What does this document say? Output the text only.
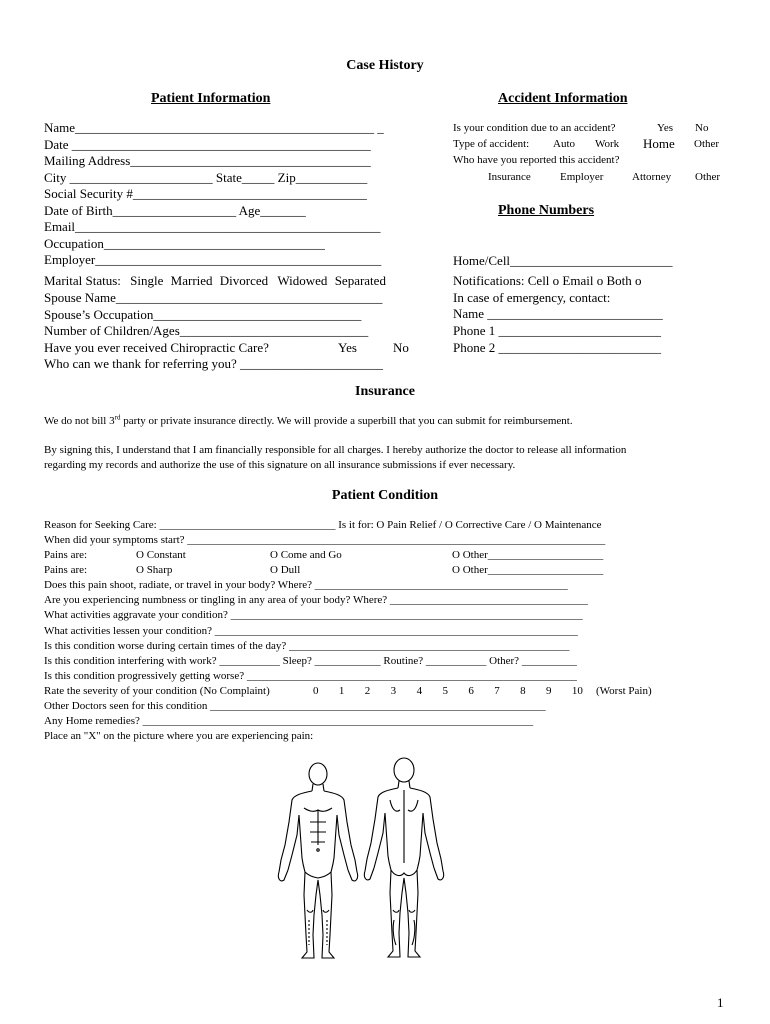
Case History
Patient Information
Name______________________________________________ _
Date ______________________________________________
Mailing Address_____________________________________
City ______________________ State_____ Zip___________
Social Security #____________________________________
Date of Birth___________________ Age_______
Email_______________________________________________
Occupation__________________________________
Employer____________________________________________
Marital Status: Single Married Divorced Widowed Separated
Spouse Name_________________________________________
Spouse’s Occupation________________________________
Number of Children/Ages_____________________________
Have you ever received Chiropractic Care?	Yes	No
Who can we thank for referring you? ______________________
Accident Information
Is your condition due to an accident?	Yes No
Type of accident: Auto Work Home Other
Who have you reported this accident?
Insurance	Employer	Attorney Other
Phone Numbers
Home/Cell_________________________
Notifications: Cell o Email o Both o
In case of emergency, contact:
Name ___________________________
Phone 1 _________________________
Phone 2 _________________________
Insurance
We do not bill 3rd party or private insurance directly. We will provide a superbill that you can submit for reimbursement.
By signing this, I understand that I am financially responsible for all charges. I hereby authorize the doctor to release all information
regarding my records and authorize the use of this signature on all insurance submissions if ever necessary.
Patient Condition
Reason for Seeking Care: ________________________________ Is it for: O Pain Relief / O Corrective Care / O Maintenance
When did your symptoms start? ____________________________________________________________________________
Pains are:	O Constant	O Come and Go	O Other_____________________
Pains are:	O Sharp	O Dull	O Other_____________________
Does this pain shoot, radiate, or travel in your body? Where? ______________________________________________
Are you experiencing numbness or tingling in any area of your body? Where? ____________________________________
What activities aggravate your condition? ________________________________________________________________
What activities lessen your condition? __________________________________________________________________
Is this condition worse during certain times of the day? ___________________________________________________
Is this condition interfering with work? ___________ Sleep? ____________ Routine? ___________ Other? __________
Is this condition progressively getting worse? ____________________________________________________________
Rate the severity of your condition (No Complaint)	0 1 2 3 4 5 6 7 8 9 10 (Worst Pain)
Other Doctors seen for this condition _____________________________________________________________
Any Home remedies? _______________________________________________________________________
Place an "X" on the picture where you are experiencing pain:
1
